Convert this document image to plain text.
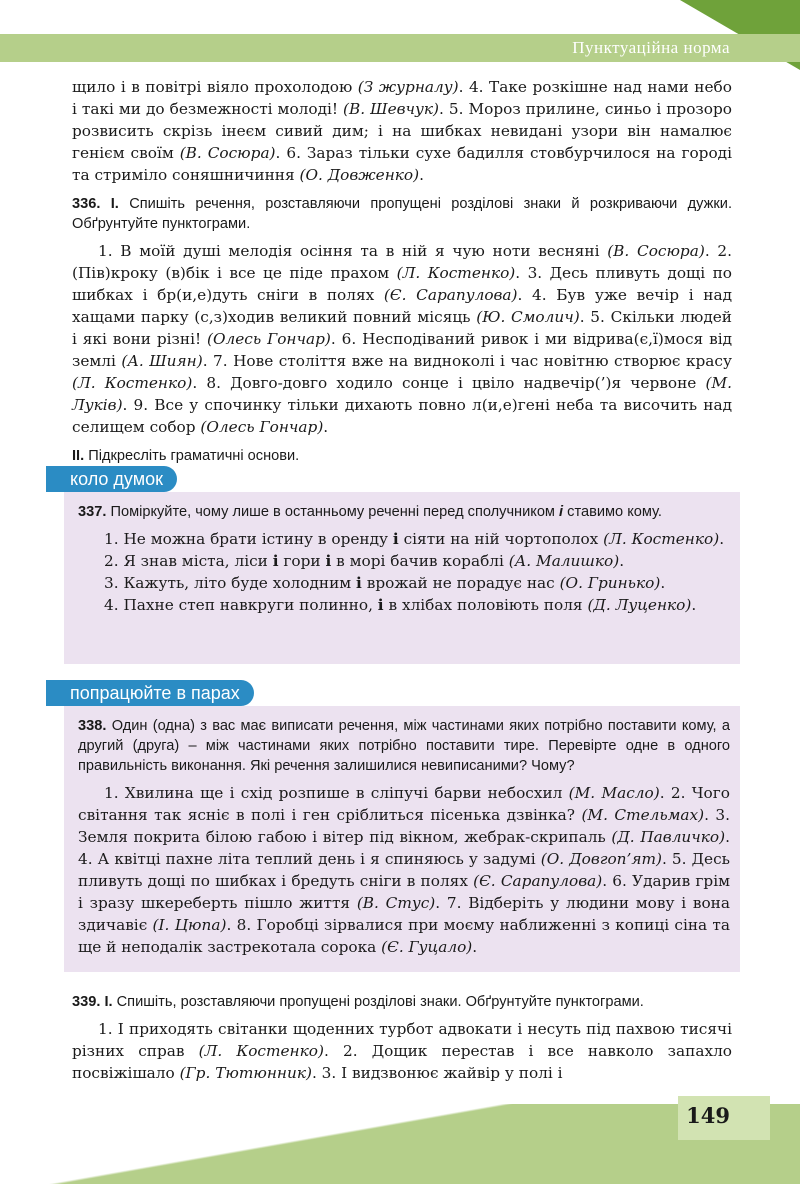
Пунктуаційна норма

щило і в повітрі віяло прохолодою (З журналу). 4. Таке розкішне над нами небо і такі ми до безмежності молоді! (В. Шевчук). 5. Мороз прилине, синьо і прозоро розвисить скрізь інеєм сивий дим; і на шибках невидані узори він намалює генієм своїм (В. Сосюра). 6. Зараз тільки сухе бадилля стовбурчилося на городі та стриміло соняшничиння (О. Довженко).

336. I. Спишіть речення, розставляючи пропущені розділові знаки й розкриваючи дужки. Обґрунтуйте пунктограми.

1. В моїй душі мелодія осіння та в ній я чую ноти весняні (В. Сосюра). 2. (Пів)кроку (в)бік і все це піде прахом (Л. Костенко). 3. Десь пливуть дощі по шибках і бр(и,е)дуть сніги в полях (Є. Сарапулова). 4. Був уже вечір і над хащами парку (с,з)ходив великий повний місяць (Ю. Смолич). 5. Скільки людей і які вони різні! (Олесь Гончар). 6. Несподіваний ривок і ми відрива(є,ї)мося від землі (А. Шиян). 7. Нове століття вже на видноколі і час новітню створює красу (Л. Костенко). 8. Довго-довго ходило сонце і цвіло надвечір(’)я червоне (М. Луків). 9. Все у спочинку тільки дихають повно л(и,е)гені неба та височить над селищем собор (Олесь Гончар).

II. Підкресліть граматичні основи.
коло думок
337. Поміркуйте, чому лише в останньому реченні перед сполучником і ставимо кому.

1. Не можна брати істину в оренду і сіяти на ній чортополох (Л. Костенко).

2. Я знав міста, ліси і гори і в морі бачив кораблі (А. Малишко).

3. Кажуть, літо буде холодним і врожай не порадує нас (О. Гринько).

4. Пахне степ навкруги полинно, і в хлібах половіють поля (Д. Луценко).

попрацюйте в парах
338. Один (одна) з вас має виписати речення, між частинами яких потрібно поставити кому, а другий (друга) – між частинами яких потрібно поставити тире. Перевірте одне в одного правильність виконання. Які речення залишилися невиписаними? Чому?

1. Хвилина ще і схід розпише в сліпучі барви небосхил (М. Масло). 2. Чого світання так ясніє в полі і ген сріблиться пісенька дзвінка? (М. Стельмах). 3. Земля покрита білою габою і вітер під вікном, жебрак-скрипаль (Д. Павличко). 4. А квітці пахне літа теплий день і я спиняюсь у задумі (О. Довгоп’ят). 5. Десь пливуть дощі по шибках і бредуть сніги в полях (Є. Сарапулова). 6. Ударив грім і зразу шкереберть пішло життя (В. Стус). 7. Відберіть у людини мову і вона здичавіє (І. Цюпа). 8. Горобці зірвалися при моєму наближенні з копиці сіна та ще й неподалік застрекотала сорока (Є. Гуцало).

339. I. Спишіть, розставляючи пропущені розділові знаки. Обґрунтуйте пунктограми.

1. І приходять світанки щоденних турбот адвокати і несуть під пахвою тисячі різних справ (Л. Костенко). 2. Дощик перестав і все навколо запахло посвіжішало (Гр. Тютюнник). 3. І видзвонює жайвір у полі і

149
